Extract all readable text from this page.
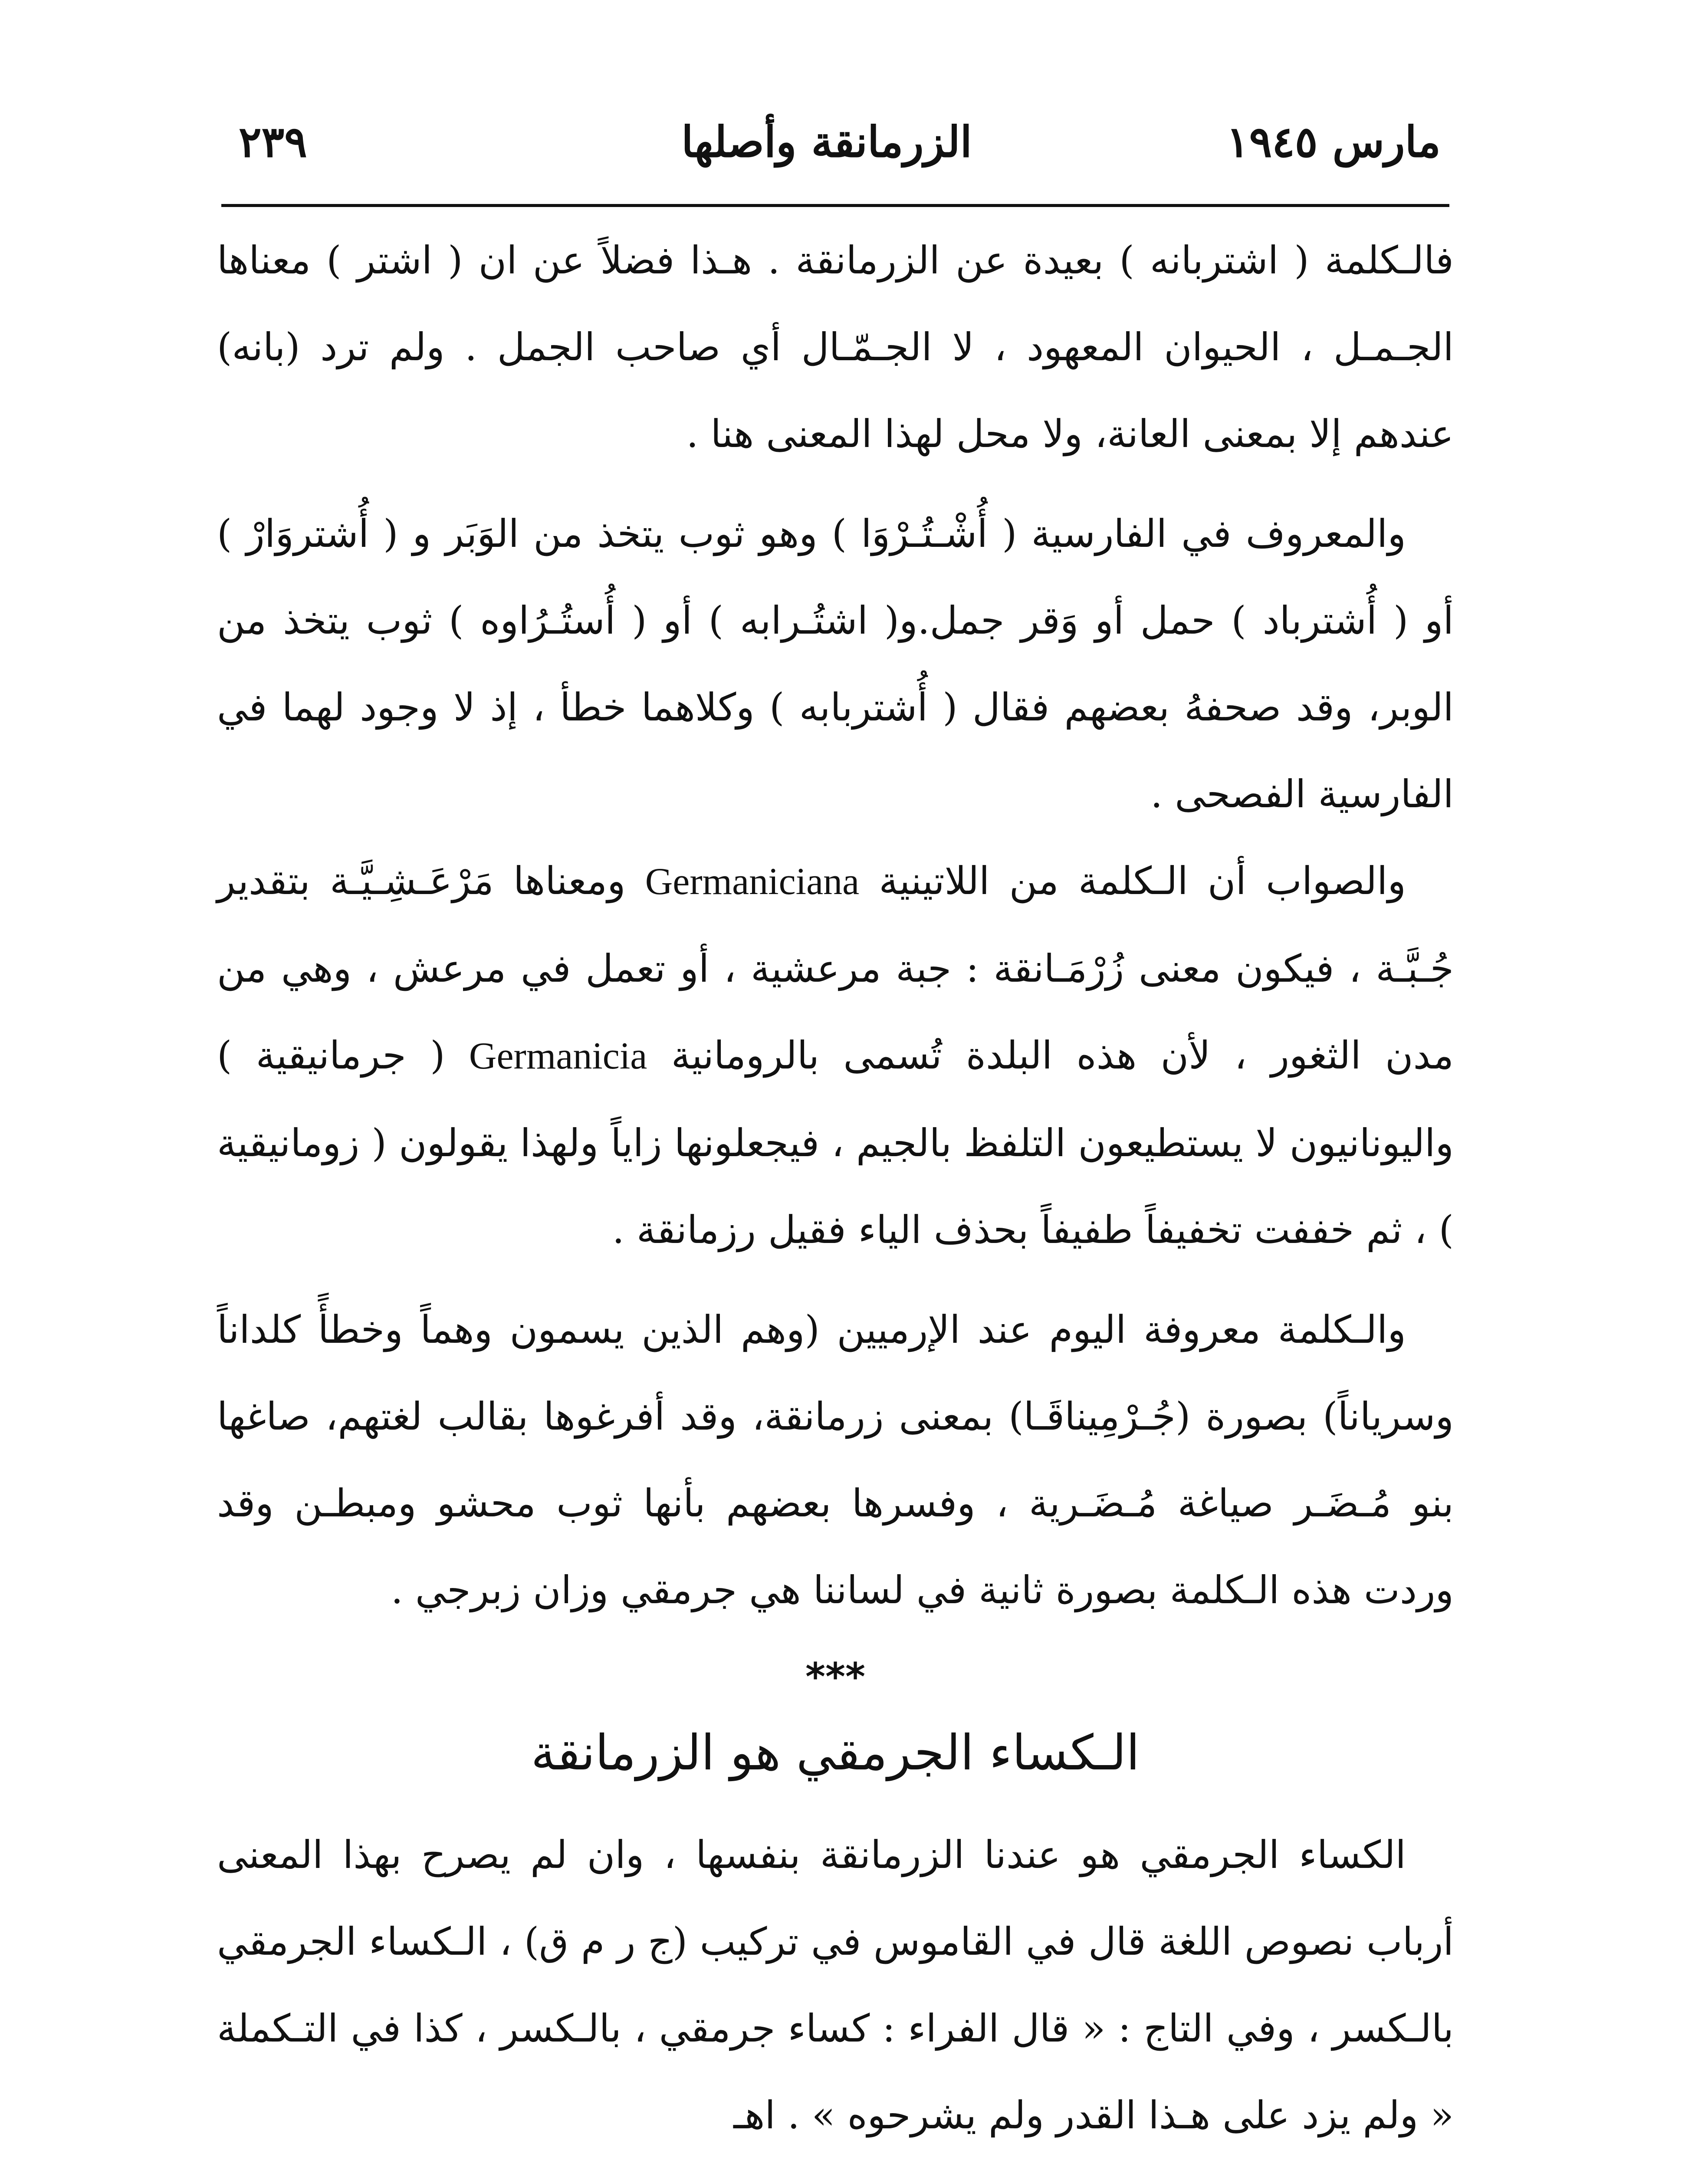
٢٣٩	الزرمانقة وأصلها	مارس ١٩٤٥

فالـكلمة ( اشتربانه ) بعيدة عن الزرمانقة . هـذا فضلاً عن ان ( اشتر ) معناها الجـمـل ، الحيوان المعهود ، لا الجـمّـال أي صاحب الجمل . ولم ترد (بانه) عندهم إلا بمعنى العانة، ولا محل لهذا المعنى هنا .

والمعروف في الفارسية ( أُشْـتُـرْوَا ) وهو ثوب يتخذ من الوَبَر و ( أُشتروَارْ ) أو ( أُشترباد ) حمل أو وَقر جمل.و( اشتُـرابه ) أو ( أُستُـرُاوه ) ثوب يتخذ من الوبر، وقد صحفهُ بعضهم فقال ( أُشتربابه ) وكلاهما خطأ ، إذ لا وجود لهما في الفارسية الفصحى .

والصواب أن الـكلمة من اللاتينية Germaniciana ومعناها مَرْعَـشِـيَّـة بتقدير جُـبَّـة ، فيكون معنى زُرْمَـانقة : جبة مرعشية ، أو تعمل في مرعش ، وهي من مدن الثغور ، لأن هذه البلدة تُسمى بالرومانية Germanicia ( جرمانيقية ) واليونانيون لا يستطيعون التلفظ بالجيم ، فيجعلونها زاياً ولهذا يقولون ( زومانيقية ) ، ثم خففت تخفيفاً طفيفاً بحذف الياء فقيل رزمانقة .

والـكلمة معروفة اليوم عند الإرميين (وهم الذين يسمون وهماً وخطأً كلداناً وسرياناً) بصورة (جُـرْمِيناقَـا) بمعنى زرمانقة، وقد أفرغوها بقالب لغتهم، صاغها بنو مُـضَـر صياغة مُـضَـرية ، وفسرها بعضهم بأنها ثوب محشو ومبطـن وقد وردت هذه الـكلمة بصورة ثانية في لساننا هي جرمقي وزان زبرجي .

***
الـكساء الجرمقي هو الزرمانقة

الكساء الجرمقي هو عندنا الزرمانقة بنفسها ، وان لم يصرح بهذا المعنى أرباب نصوص اللغة قال في القاموس في تركيب (ج ر م ق) ، الـكساء الجرمقي بالـكسر ، وفي التاج : « قال الفراء : كساء جرمقي ، بالـكسر ، كذا في التـكملة « ولم يزد على هـذا القدر ولم يشرحوه » . اهـ
